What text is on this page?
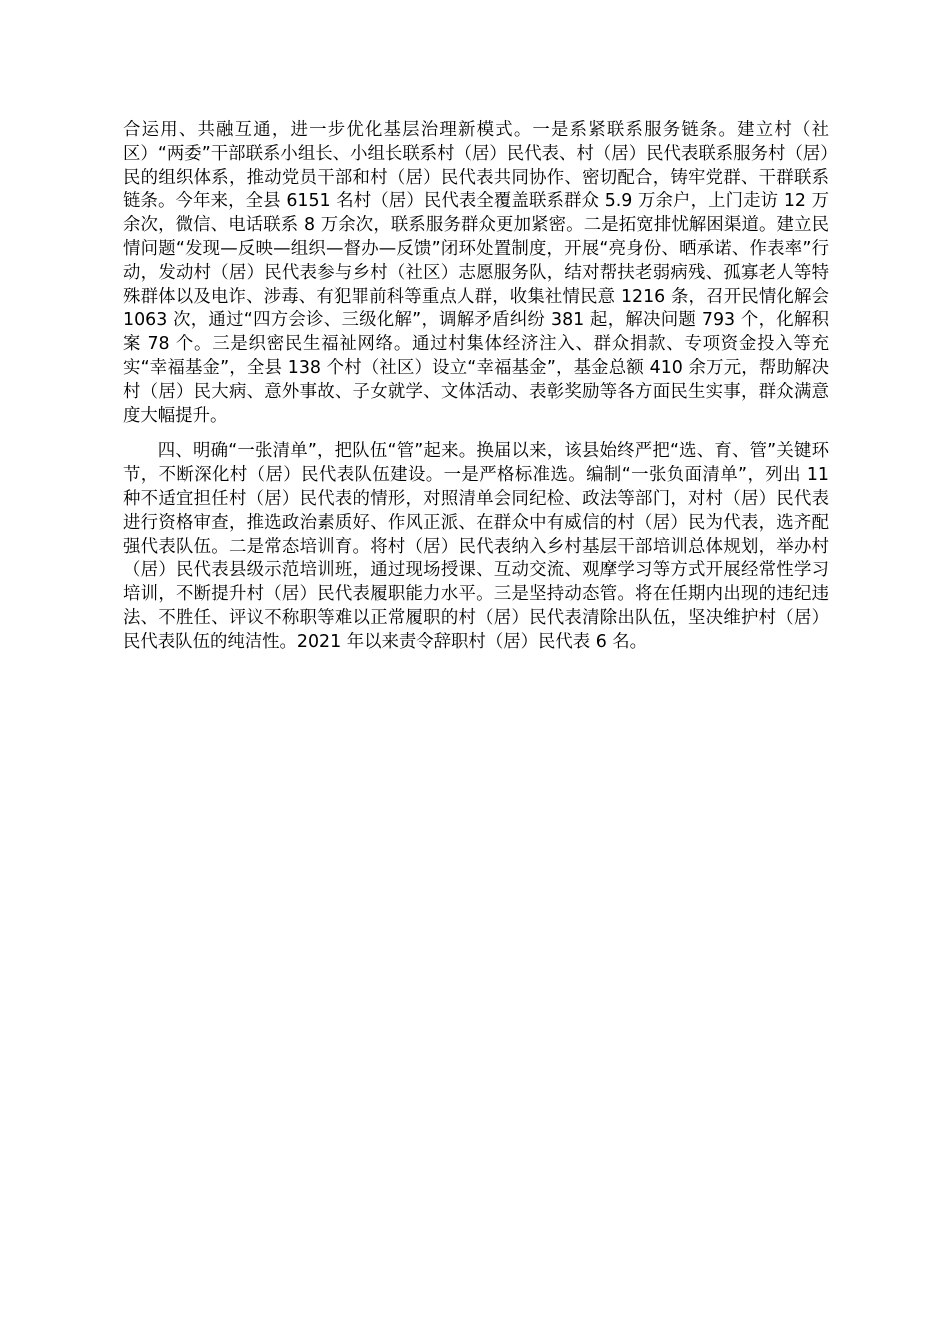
合运用、共融互通，进一步优化基层治理新模式。一是系紧联系服务链条。建立村（社区）“两委”干部联系小组长、小组长联系村（居）民代表、村（居）民代表联系服务村（居）民的组织体系，推动党员干部和村（居）民代表共同协作、密切配合，铸牢党群、干群联系链条。今年来，全县 6151 名村（居）民代表全覆盖联系群众 5.9 万余户，上门走访 12 万余次，微信、电话联系 8 万余次，联系服务群众更加紧密。二是拓宽排忧解困渠道。建立民情问题“发现—反映—组织—督办—反馈”闭环处置制度，开展“亮身份、晒承诺、作表率”行动，发动村（居）民代表参与乡村（社区）志愿服务队，结对帮扶老弱病残、孤寡老人等特殊群体以及电诈、涉毒、有犯罪前科等重点人群，收集社情民意 1216 条，召开民情化解会 1063 次，通过“四方会诊、三级化解”，调解矛盾纠纷 381 起，解决问题 793 个，化解积案 78 个。三是织密民生福祉网络。通过村集体经济注入、群众捐款、专项资金投入等充实“幸福基金”，全县 138 个村（社区）设立“幸福基金”，基金总额 410 余万元，帮助解决村（居）民大病、意外事故、子女就学、文体活动、表彰奖励等各方面民生实事，群众满意度大幅提升。

四、明确“一张清单”，把队伍“管”起来。换届以来，该县始终严把“选、育、管”关键环节，不断深化村（居）民代表队伍建设。一是严格标准选。编制“一张负面清单”，列出 11 种不适宜担任村（居）民代表的情形，对照清单会同纪检、政法等部门，对村（居）民代表进行资格审查，推选政治素质好、作风正派、在群众中有威信的村（居）民为代表，选齐配强代表队伍。二是常态培训育。将村（居）民代表纳入乡村基层干部培训总体规划，举办村（居）民代表县级示范培训班，通过现场授课、互动交流、观摩学习等方式开展经常性学习培训，不断提升村（居）民代表履职能力水平。三是坚持动态管。将在任期内出现的违纪违法、不胜任、评议不称职等难以正常履职的村（居）民代表清除出队伍，坚决维护村（居）民代表队伍的纯洁性。2021 年以来责令辞职村（居）民代表 6 名。
